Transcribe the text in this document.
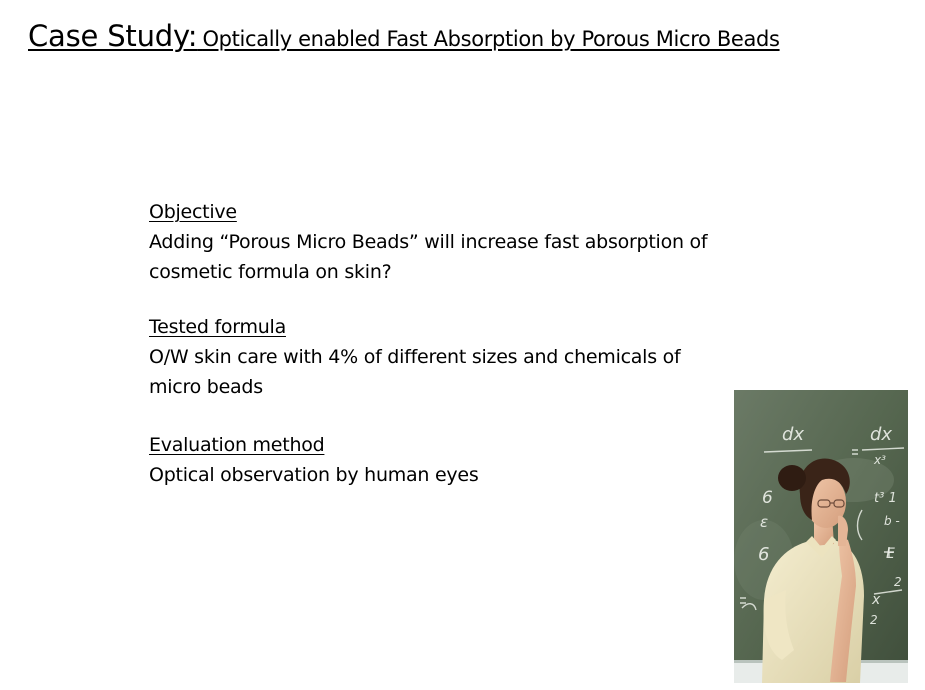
Case Study: Optically enabled Fast Absorption by Porous Micro Beads
Objective
Adding “Porous Micro Beads” will increase fast absorption of
cosmetic formula on skin?
Tested formula
O/W skin care with 4% of different sizes and chemicals of
micro beads
Evaluation method
Optical observation by human eyes
dx	dx
x³
6
ε
t³ 1
b -
E
6
2
x
2
